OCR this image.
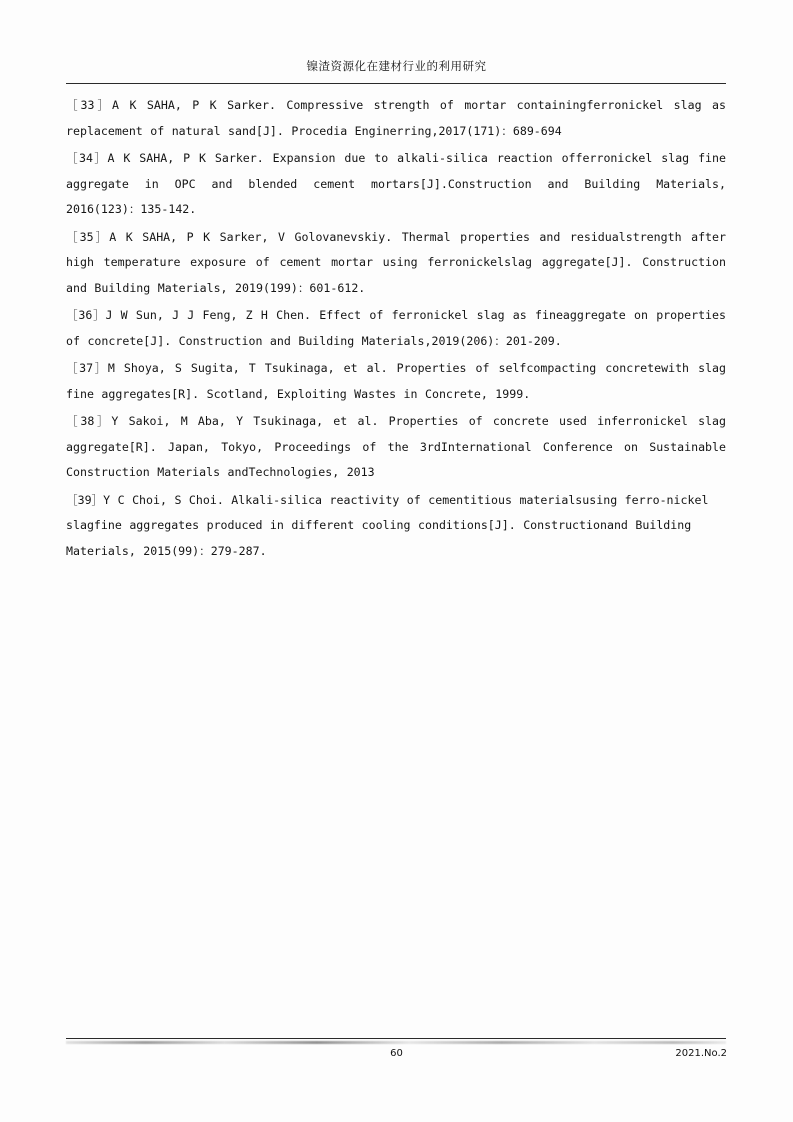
镍渣资源化在建材行业的利用研究

［33］A K SAHA, P K Sarker. Compressive strength of mortar containingferronickel slag as replacement of natural sand[J]. Procedia Enginerring,2017(171)：689-694

［34］A K SAHA, P K Sarker. Expansion due to alkali-silica reaction offerronickel slag fine aggregate in OPC and blended cement mortars[J].Construction and Building Materials, 2016(123)：135-142.

［35］A K SAHA, P K Sarker, V Golovanevskiy. Thermal properties and residualstrength after high temperature exposure of cement mortar using ferronickelslag aggregate[J]. Construction and Building Materials, 2019(199)：601-612.

［36］J W Sun, J J Feng, Z H Chen. Effect of ferronickel slag as fineaggregate on properties of concrete[J]. Construction and Building Materials,2019(206)：201-209.

［37］M Shoya, S Sugita, T Tsukinaga, et al. Properties of selfcompacting concretewith slag fine aggregates[R]. Scotland, Exploiting Wastes in Concrete, 1999.

［38］Y Sakoi, M Aba, Y Tsukinaga, et al. Properties of concrete used inferronickel slag aggregate[R]. Japan, Tokyo, Proceedings of the 3rdInternational Conference on Sustainable Construction Materials andTechnologies, 2013

［39］Y C Choi, S Choi. Alkali‐silica reactivity of cementitious materialsusing ferro-nickel slagfine aggregates produced in different cooling conditions[J]. Constructionand Building Materials, 2015(99)：279-287.

60	2021.No.2
